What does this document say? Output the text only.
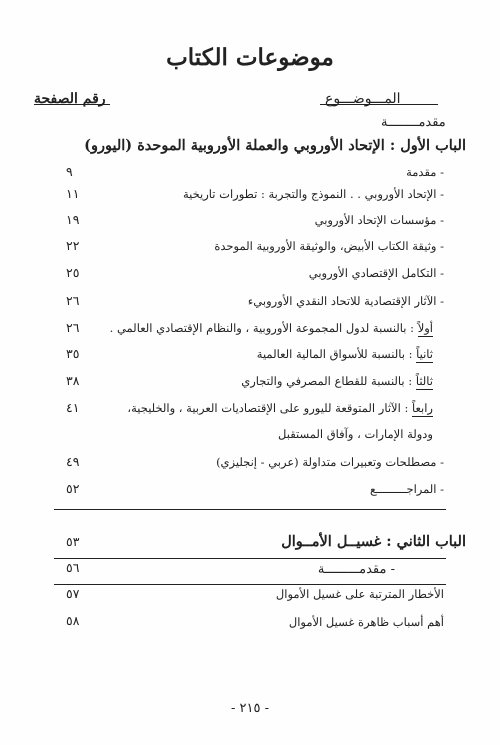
موضوعات الكتاب
المـــوضـــوع
رقم الصفحة
مقدمــــــــة
الباب الأول : الإتحاد الأوروبي والعملة الأوروبية الموحدة (اليورو)
- مقدمة
٩
- الإتحاد الأوروبي . . النموذج والتجربة : تطورات تاريخية
١١
- مؤسسات الإتحاد الأوروبي
١٩
- وثيقة الكتاب الأبيض، والوثيقة الأوروبية الموحدة
٢٢
- التكامل الإقتصادي الأوروبي
٢٥
- الآثار الإقتصادية للاتحاد النقدي الأوروبيء
٢٦
أولاً : بالنسبة لدول المجموعة الأوروبية ، والنظام الإقتصادي العالمي .
٢٦
ثانياً : بالنسبة للأسواق المالية العالمية
٣٥
ثالثاً : بالنسبة للقطاع المصرفي والتجاري
٣٨
رابعاً : الآثار المتوقعة لليورو على الإقتصاديات العربية ، والخليجية،
٤١
ودولة الإمارات ، وآفاق المستقبل
- مصطلحات وتعبيرات متداولة (عربي - إنجليزي)
٤٩
- المراجـــــــــع
٥٢
الباب الثاني : غسيــل الأمــوال
٥٣
- مقدمـــــــــة
٥٦
الأخطار المترتبة على غسيل الأموال
٥٧
أهم أسباب ظاهرة غسيل الأموال
٥٨
- ٢١٥ -
